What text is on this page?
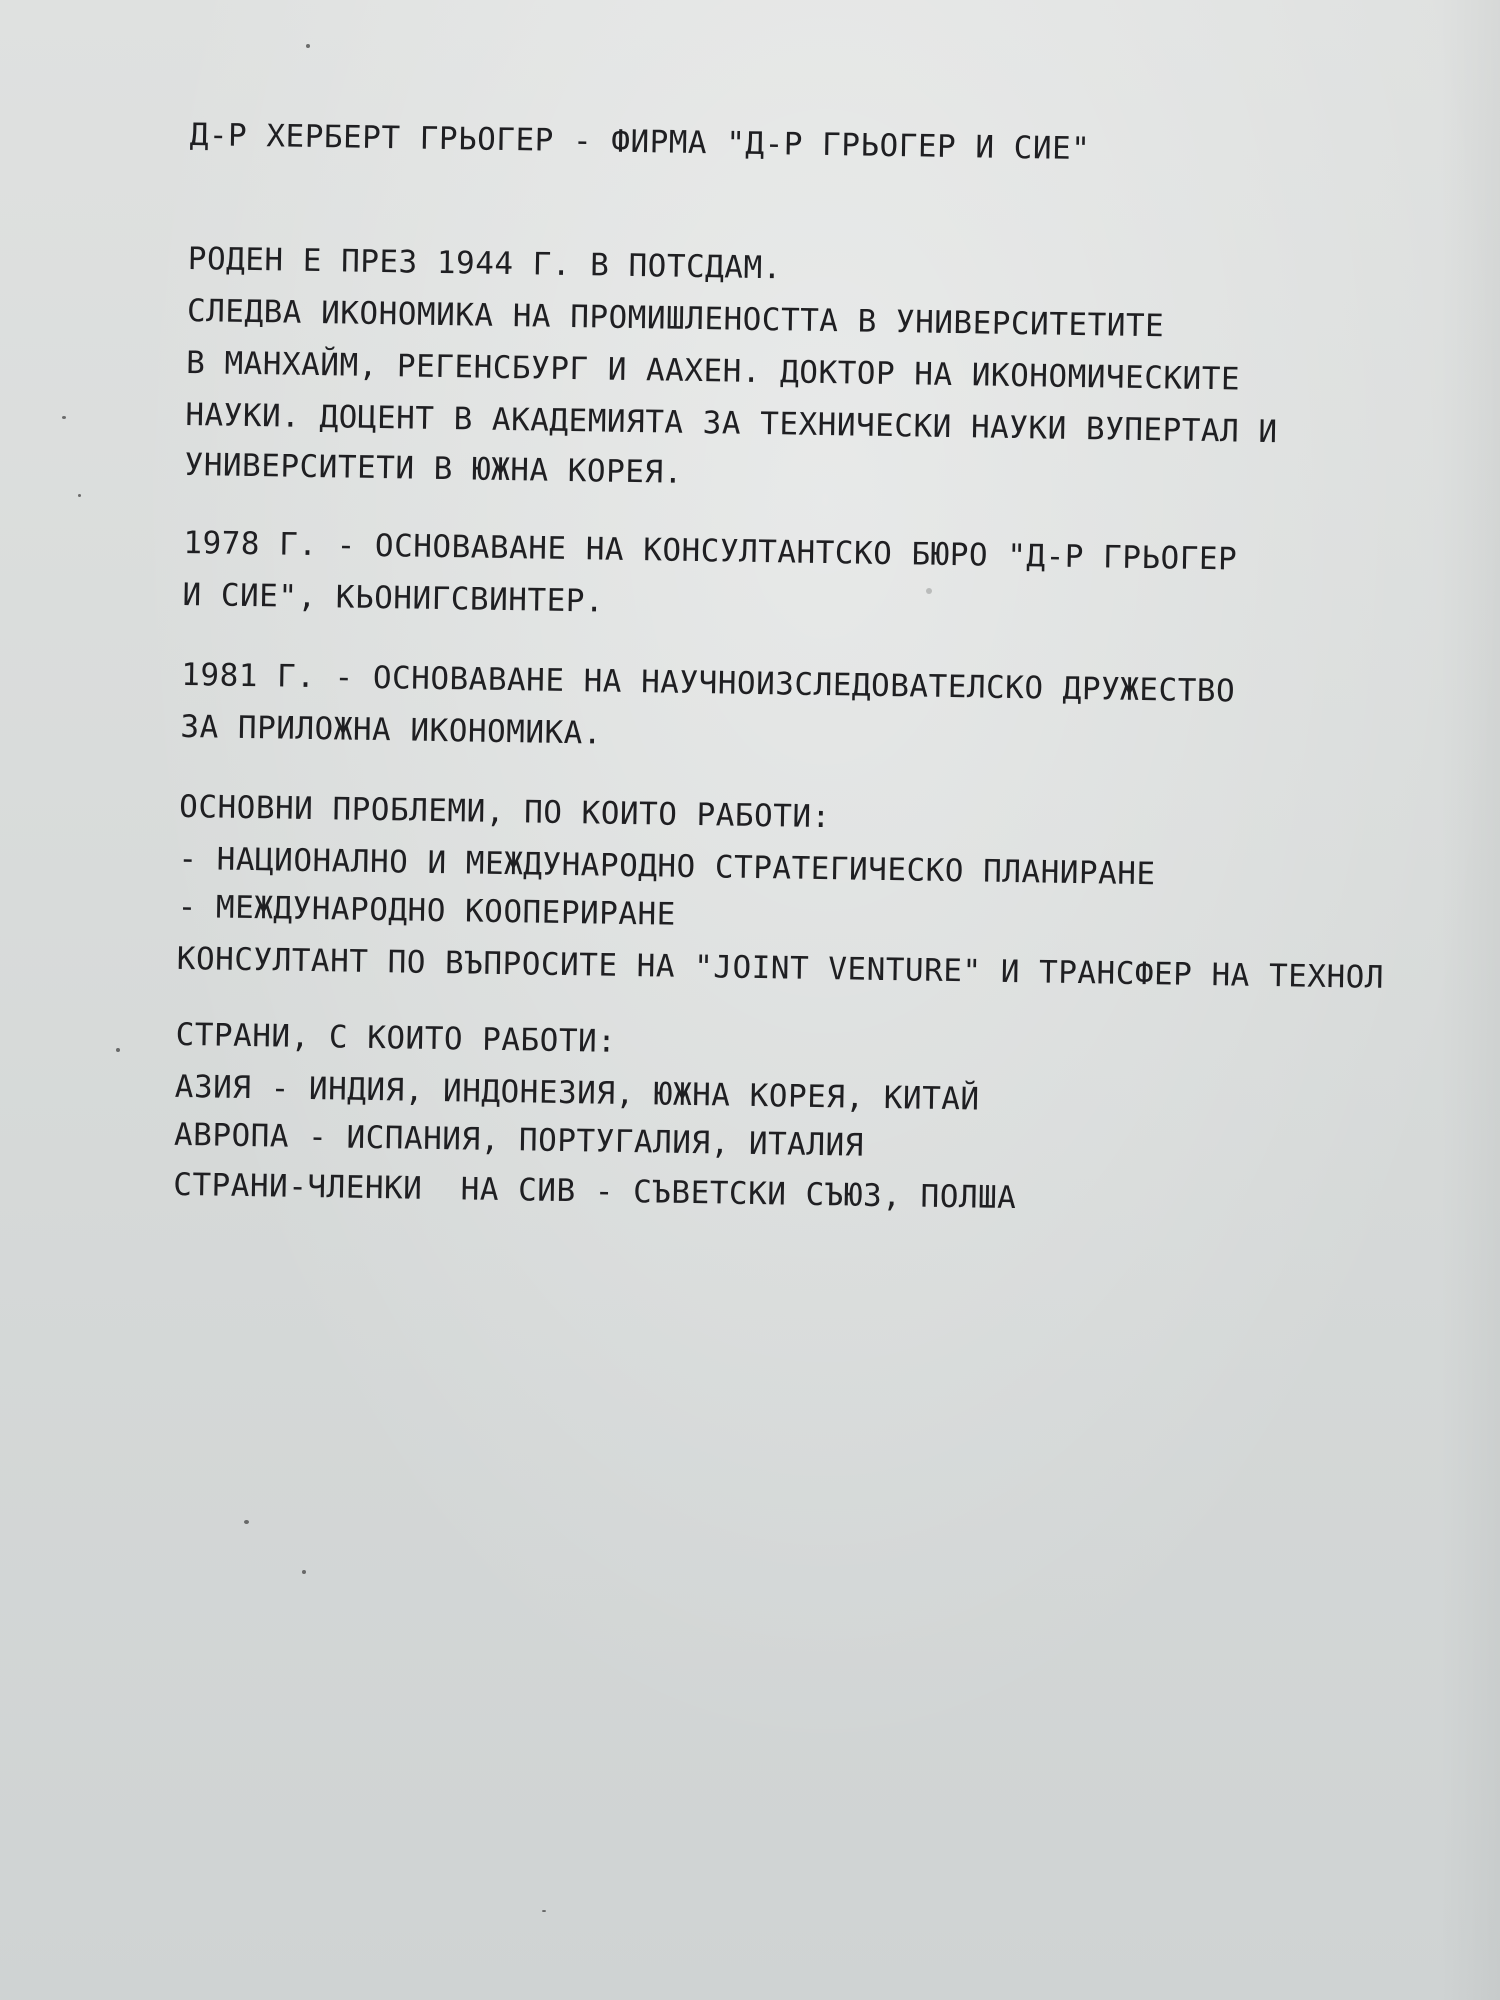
Д-Р ХЕРБЕРТ ГРЬОГЕР - ФИРМА "Д-Р ГРЬОГЕР И СИЕ"
РОДЕН Е ПРЕЗ 1944 Г. В ПОТСДАМ.
СЛЕДВА ИКОНОМИКА НА ПРОМИШЛЕНОСТТА В УНИВЕРСИТЕТИТЕ
В МАНХАЙМ, РЕГЕНСБУРГ И ААХЕН. ДОКТОР НА ИКОНОМИЧЕСКИТЕ
НАУКИ. ДОЦЕНТ В АКАДЕМИЯТА ЗА ТЕХНИЧЕСКИ НАУКИ ВУПЕРТАЛ И
УНИВЕРСИТЕТИ В ЮЖНА КОРЕЯ.
1978 Г. - ОСНОВАВАНЕ НА КОНСУЛТАНТСКО БЮРО "Д-Р ГРЬОГЕР
И СИЕ", КЬОНИГСВИНТЕР.
1981 Г. - ОСНОВАВАНЕ НА НАУЧНОИЗСЛЕДОВАТЕЛСКО ДРУЖЕСТВО
ЗА ПРИЛОЖНА ИКОНОМИКА.
ОСНОВНИ ПРОБЛЕМИ, ПО КОИТО РАБОТИ:
- НАЦИОНАЛНО И МЕЖДУНАРОДНО СТРАТЕГИЧЕСКО ПЛАНИРАНЕ
- МЕЖДУНАРОДНО КООПЕРИРАНЕ
КОНСУЛТАНТ ПО ВЪПРОСИТЕ НА "JOINT VENTURE" И ТРАНСФЕР НА ТЕХНОЛ
СТРАНИ, С КОИТО РАБОТИ:
АЗИЯ - ИНДИЯ, ИНДОНЕЗИЯ, ЮЖНА КОРЕЯ, КИТАЙ
АВРОПА - ИСПАНИЯ, ПОРТУГАЛИЯ, ИТАЛИЯ
СТРАНИ-ЧЛЕНКИ  НА СИВ - СЪВЕТСКИ СЪЮЗ, ПОЛША
